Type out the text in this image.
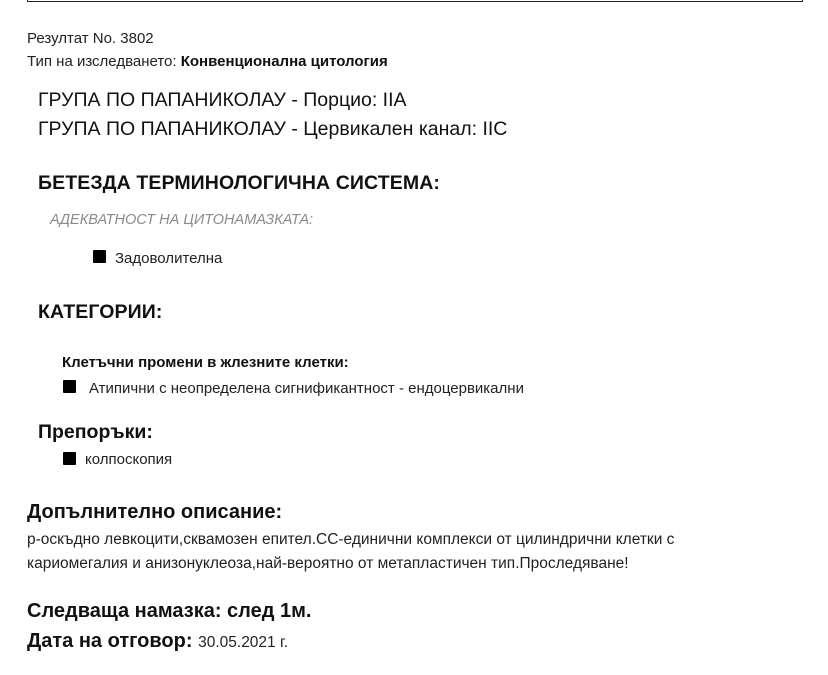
Резултат No. 3802
Тип на изследването: Конвенционална цитология
ГРУПА ПО ПАПАНИКОЛАУ - Порцио: IIA
ГРУПА ПО ПАПАНИКОЛАУ - Цервикален канал: IIC
БЕТЕЗДА ТЕРМИНОЛОГИЧНА СИСТЕМА:
АДЕКВАТНОСТ НА ЦИТОНАМАЗКАТА:
Задоволителна
КАТЕГОРИИ:
Клетъчни промени в жлезните клетки:
Атипични с неопределена сигнификантност - ендоцервикални
Препоръки:
колпоскопия
Допълнително описание:
р-оскъдно левкоцити,сквамозен епител.СС-единични комплекси от цилиндрични клетки с
кариомегалия и анизонуклеоза,най-вероятно от метапластичен тип.Проследяване!
Следваща намазка: след 1м.
Дата на отговор: 30.05.2021 г.
